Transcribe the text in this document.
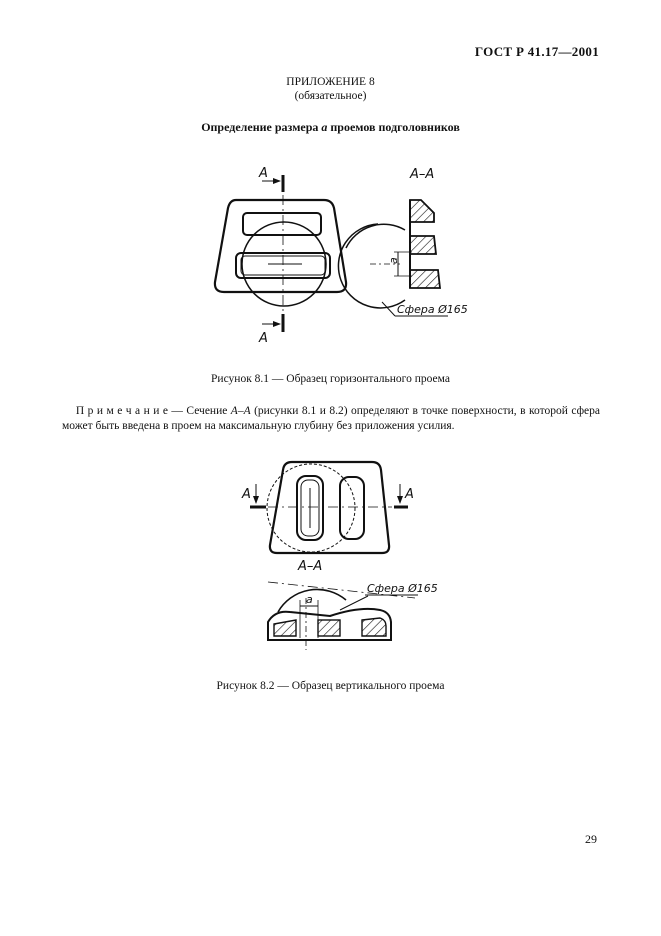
ГОСТ Р 41.17—2001
ПРИЛОЖЕНИЕ 8
(обязательное)
Определение размера a проемов подголовников
А
А
А–А
a
Сфера Ø165
Рисунок 8.1 — Образец горизонтального проема
П р и м е ч а н и е — Сечение А–А (рисунки 8.1 и 8.2) определяют в точке поверхности, в которой сфера может быть введена в проем на максимальную глубину без приложения усилия.
А	А
А–А
a
Сфера Ø165
Рисунок 8.2 — Образец вертикального проема
29
